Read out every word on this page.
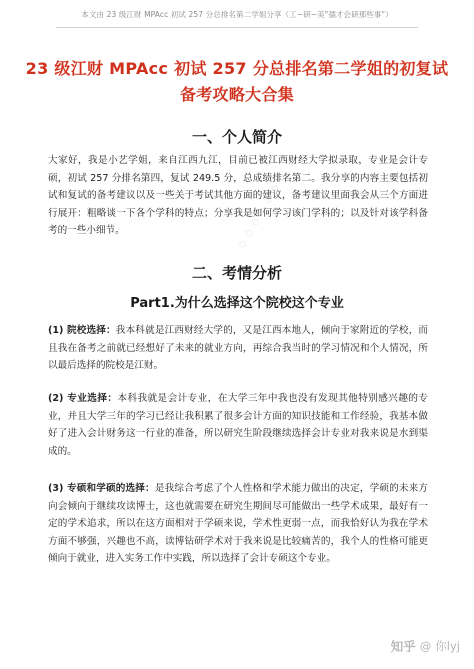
本文由 23 级江财 MPAcc 初试 257 分总排名第二学姐分享（工~研~美"孺才会研那些事"）
23 级江财 MPAcc 初试 257 分总排名第二学姐的初复试备考攻略大合集
一、个人简介
大家好，我是小艺学姐，来自江西九江，目前已被江西财经大学拟录取，专业是会计专硕，初试 257 分排名第四，复试 249.5 分，总成绩排名第二。我分享的内容主要包括初试和复试的备考建议以及一些关于考试其他方面的建议，备考建议里面我会从三个方面进行展开：粗略谈一下各个学科的特点；分享我是如何学习该门学科的；以及针对该学科备考的一些小细节。
二、考情分析
Part1.为什么选择这个院校这个专业
(1) 院校选择：我本科就是江西财经大学的，又是江西本地人，倾向于家附近的学校，而且我在备考之前就已经想好了未来的就业方向，再综合我当时的学习情况和个人情况，所以最后选择的院校是江财。
(2) 专业选择：本科我就是会计专业，在大学三年中我也没有发现其他特别感兴趣的专业，并且大学三年的学习已经让我积累了很多会计方面的知识技能和工作经验，我基本做好了进入会计财务这一行业的准备，所以研究生阶段继续选择会计专业对我来说是水到渠成的。
(3) 专硕和学硕的选择：是我综合考虑了个人性格和学术能力做出的决定，学硕的未来方向会倾向于继续攻读博士，这也就需要在研究生期间尽可能做出一些学术成果，最好有一定的学术追求，所以在这方面相对于学硕来说，学术性更弱一点，而我恰好认为我在学术方面不够强，兴趣也不高，读博钻研学术对于我来说是比较痛苦的，我个人的性格可能更倾向于就业，进入实务工作中实践，所以选择了会计专硕这个专业。
◇ ◇ ◇ ◇ ◇ ◇ ◇
知乎 @ 你lyj
